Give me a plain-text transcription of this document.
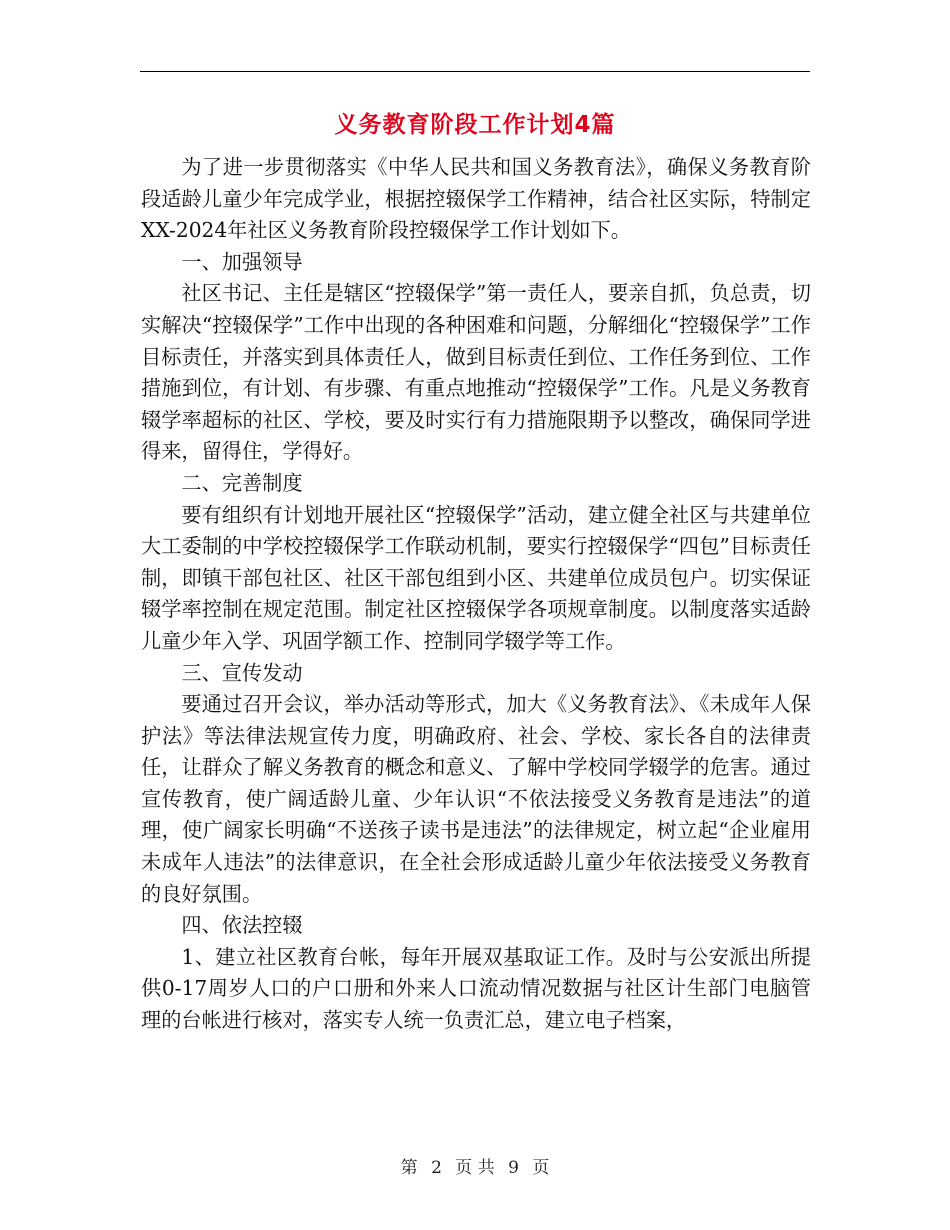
义务教育阶段工作计划4篇

为了进一步贯彻落实《中华人民共和国义务教育法》，确保义务教育阶段适龄儿童少年完成学业，根据控辍保学工作精神，结合社区实际，特制定XX-2024年社区义务教育阶段控辍保学工作计划如下。

一、加强领导

社区书记、主任是辖区“控辍保学”第一责任人，要亲自抓，负总责，切实解决“控辍保学”工作中出现的各种困难和问题，分解细化“控辍保学”工作目标责任，并落实到具体责任人，做到目标责任到位、工作任务到位、工作措施到位，有计划、有步骤、有重点地推动“控辍保学”工作。凡是义务教育辍学率超标的社区、学校，要及时实行有力措施限期予以整改，确保同学进得来，留得住，学得好。

二、完善制度

要有组织有计划地开展社区“控辍保学”活动，建立健全社区与共建单位大工委制的中学校控辍保学工作联动机制，要实行控辍保学“四包”目标责任制，即镇干部包社区、社区干部包组到小区、共建单位成员包户。切实保证辍学率控制在规定范围。制定社区控辍保学各项规章制度。以制度落实适龄儿童少年入学、巩固学额工作、控制同学辍学等工作。

三、宣传发动

要通过召开会议，举办活动等形式，加大《义务教育法》、《未成年人保护法》等法律法规宣传力度，明确政府、社会、学校、家长各自的法律责任，让群众了解义务教育的概念和意义、了解中学校同学辍学的危害。通过宣传教育，使广阔适龄儿童、少年认识“不依法接受义务教育是违法”的道理，使广阔家长明确“不送孩子读书是违法”的法律规定，树立起“企业雇用未成年人违法”的法律意识，在全社会形成适龄儿童少年依法接受义务教育的良好氛围。

四、依法控辍

1、建立社区教育台帐，每年开展双基取证工作。及时与公安派出所提供0-17周岁人口的户口册和外来人口流动情况数据与社区计生部门电脑管理的台帐进行核对，落实专人统一负责汇总，建立电子档案，

第 2 页 共 9 页
